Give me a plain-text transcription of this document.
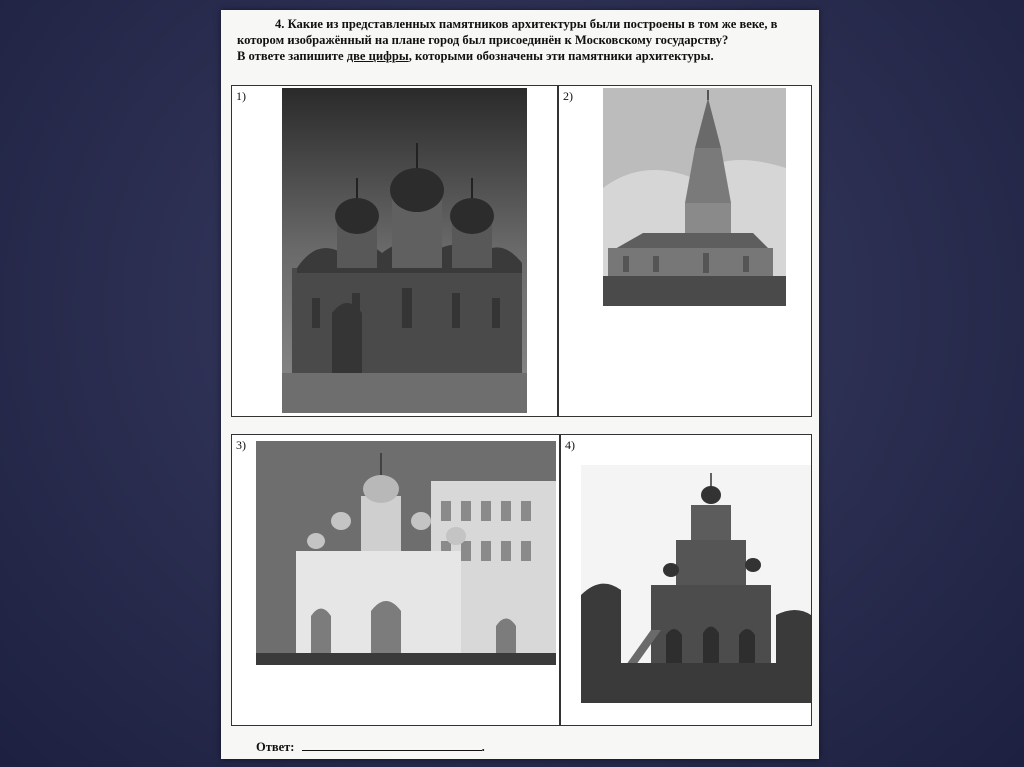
4. Какие из представленных памятников архитектуры были построены в том же веке, в
котором изображённый на плане город был присоединён к Московскому государству?
В ответе запишите две цифры, которыми обозначены эти памятники архитектуры.
1)	2)
3)	4)
Ответ:	.
